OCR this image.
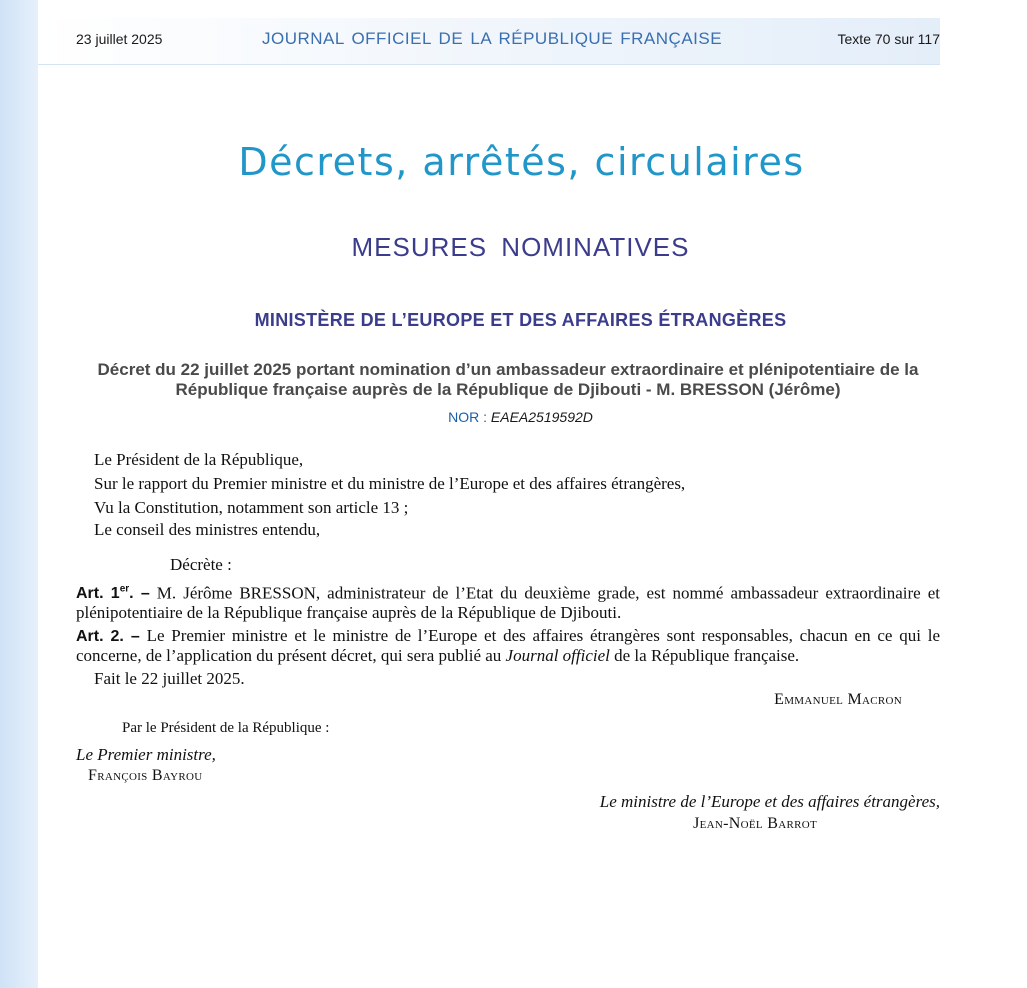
23 juillet 2025	JOURNAL OFFICIEL DE LA RÉPUBLIQUE FRANÇAISE	Texte 70 sur 117
Décrets, arrêtés, circulaires
MESURES NOMINATIVES
MINISTÈRE DE L’EUROPE ET DES AFFAIRES ÉTRANGÈRES
Décret du 22 juillet 2025 portant nomination d’un ambassadeur extraordinaire et plénipotentiaire de la République française auprès de la République de Djibouti - M. BRESSON (Jérôme)
NOR : EAEA2519592D
Le Président de la République,
Sur le rapport du Premier ministre et du ministre de l’Europe et des affaires étrangères,
Vu la Constitution, notamment son article 13 ;
Le conseil des ministres entendu,
Décrète :
Art. 1er. – M. Jérôme BRESSON, administrateur de l’Etat du deuxième grade, est nommé ambassadeur extraordinaire et plénipotentiaire de la République française auprès de la République de Djibouti.
Art. 2. – Le Premier ministre et le ministre de l’Europe et des affaires étrangères sont responsables, chacun en ce qui le concerne, de l’application du présent décret, qui sera publié au Journal officiel de la République française.
Fait le 22 juillet 2025.
Emmanuel Macron
Par le Président de la République :
Le Premier ministre,
François Bayrou
Le ministre de l’Europe et des affaires étrangères,
Jean-Noël Barrot
